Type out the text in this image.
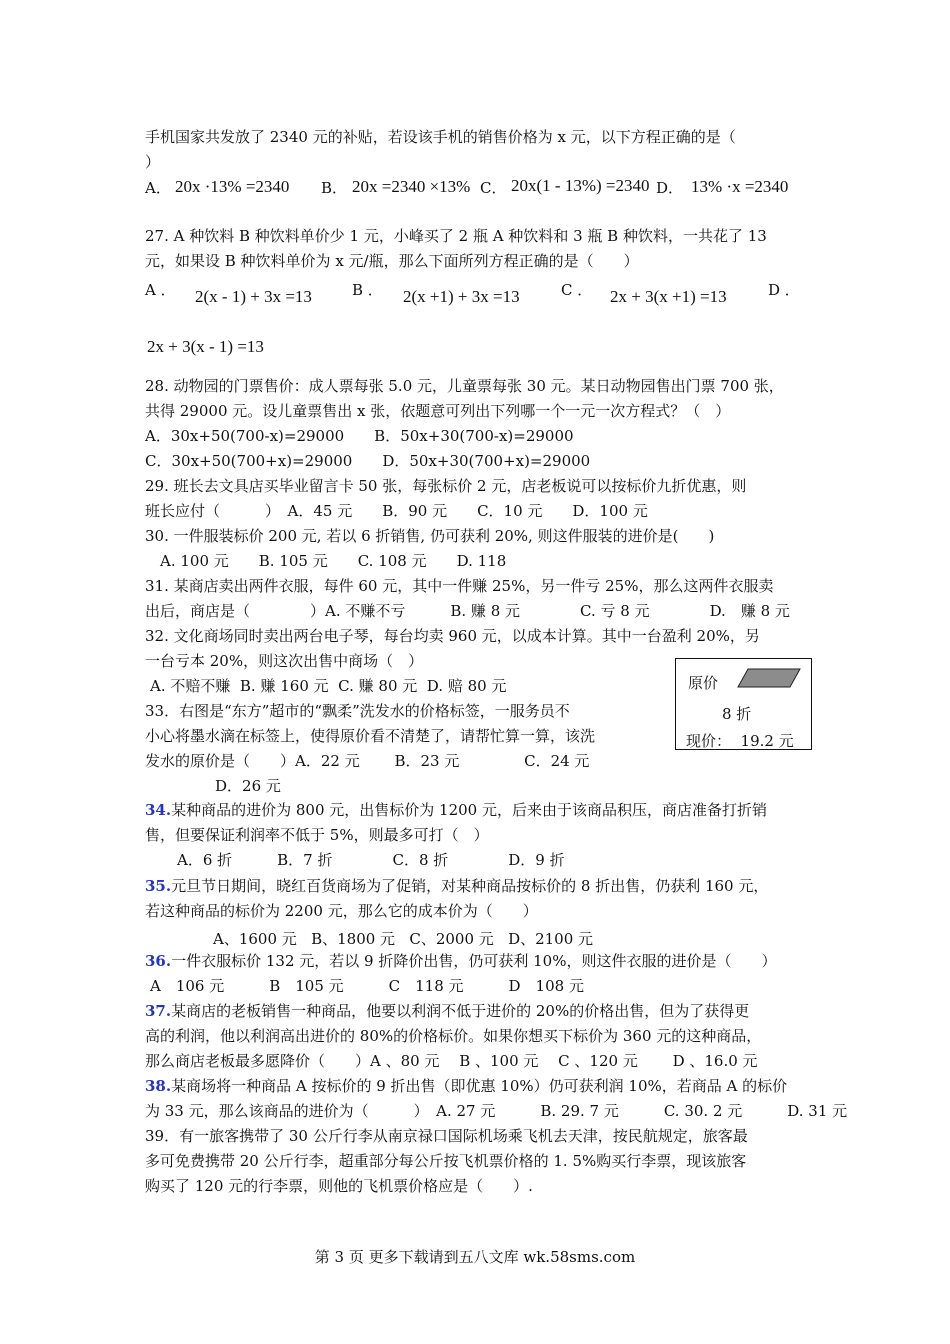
手机国家共发放了 2340 元的补贴，若设该手机的销售价格为 x 元，以下方程正确的是（
）
A． 20x ·13% =2340 B． 20x =2340 ×13% C． 20x(1 - 13%) =2340 D． 13% ·x =2340
27. A 种饮料 B 种饮料单价少 1 元，小峰买了 2 瓶 A 种饮料和 3 瓶 B 种饮料，一共花了 13
元，如果设 B 种饮料单价为 x 元/瓶，那么下面所列方程正确的是（　　）
A ． 2(x - 1) + 3x =13	B ． 2(x +1) + 3x =13	C ． 2x + 3(x +1) =13	D ．
2x + 3(x - 1) =13
28. 动物园的门票售价：成人票每张 5.0 元，儿童票每张 30 元。某日动物园售出门票 700 张，
共得 29000 元。设儿童票售出 x 张，依题意可列出下列哪一个一元一次方程式？（　）
A．30x+50(700-x)=29000　　B．50x+30(700-x)=29000
C．30x+50(700+x)=29000　　D．50x+30(700+x)=29000
29. 班长去文具店买毕业留言卡 50 张，每张标价 2 元，店老板说可以按标价九折优惠，则
班长应付（　　　）　A．45 元　　B．90 元　　C．10 元　　D．100 元
30. 一件服装标价 200 元, 若以 6 折销售, 仍可获利 20%, 则这件服装的进价是(　　)
A. 100 元　　B. 105 元　　C. 108 元　　D. 118
31. 某商店卖出两件衣服，每件 60 元，其中一件赚 25%，另一件亏 25%，那么这两件衣服卖
出后，商店是（　　　　）A. 不赚不亏　　　B. 赚 8 元　　　　C. 亏 8 元　　　　D.　赚 8 元
32. 文化商场同时卖出两台电子琴，每台均卖 960 元，以成本计算。其中一台盈利 20%，另
一台亏本 20%，则这次出售中商场（　）
A. 不赔不赚  B. 赚 160 元  C. 赚 80 元  D. 赔 80 元	原价
8 折
现价：  19.2 元
33．右图是“东方”超市的“飘柔”洗发水的价格标签，一服务员不
小心将墨水滴在标签上，使得原价看不清楚了，请帮忙算一算，该洗
发水的原价是（　　）A．22 元　　 B．23 元　　　　 C．24 元
D．26 元
34.某种商品的进价为 800 元，出售标价为 1200 元，后来由于该商品积压，商店准备打折销
售，但要保证利润率不低于 5%，则最多可打（　）
A．6 折　　　B．7 折　　　　C．8 折　　　　D．9 折
35.元旦节日期间，晓红百货商场为了促销，对某种商品按标价的 8 折出售，仍获利 160 元，
若这种商品的标价为 2200 元，那么它的成本价为（　　）
A、1600 元   B、1800 元   C、2000 元   D、2100 元
36.一件衣服标价 132 元，若以 9 折降价出售，仍可获利 10%，则这件衣服的进价是（　　）
A　106 元　　　B　105 元　　　C　118 元　　　D　108 元
37.某商店的老板销售一种商品，他要以利润不低于进价的 20%的价格出售，但为了获得更
高的利润，他以利润高出进价的 80%的价格标价。如果你想买下标价为 360 元的这种商品，
那么商店老板最多愿降价（　　）A 、80 元　 B 、100 元　 C 、120 元　　 D 、16.0 元
38.某商场将一种商品 A 按标价的 9 折出售（即优惠 10%）仍可获利润 10%，若商品 A 的标价
为 33 元，那么该商品的进价为（　　　）　A. 27 元　　　B. 29. 7 元　　　C. 30. 2 元　　　D. 31 元
39．有一旅客携带了 30 公斤行李从南京禄口国际机场乘飞机去天津，按民航规定，旅客最
多可免费携带 20 公斤行李，超重部分每公斤按飞机票价格的 1. 5%购买行李票，现该旅客
购买了 120 元的行李票，则他的飞机票价格应是（　　）.
第 3 页 更多下载请到五八文库 wk.58sms.com
